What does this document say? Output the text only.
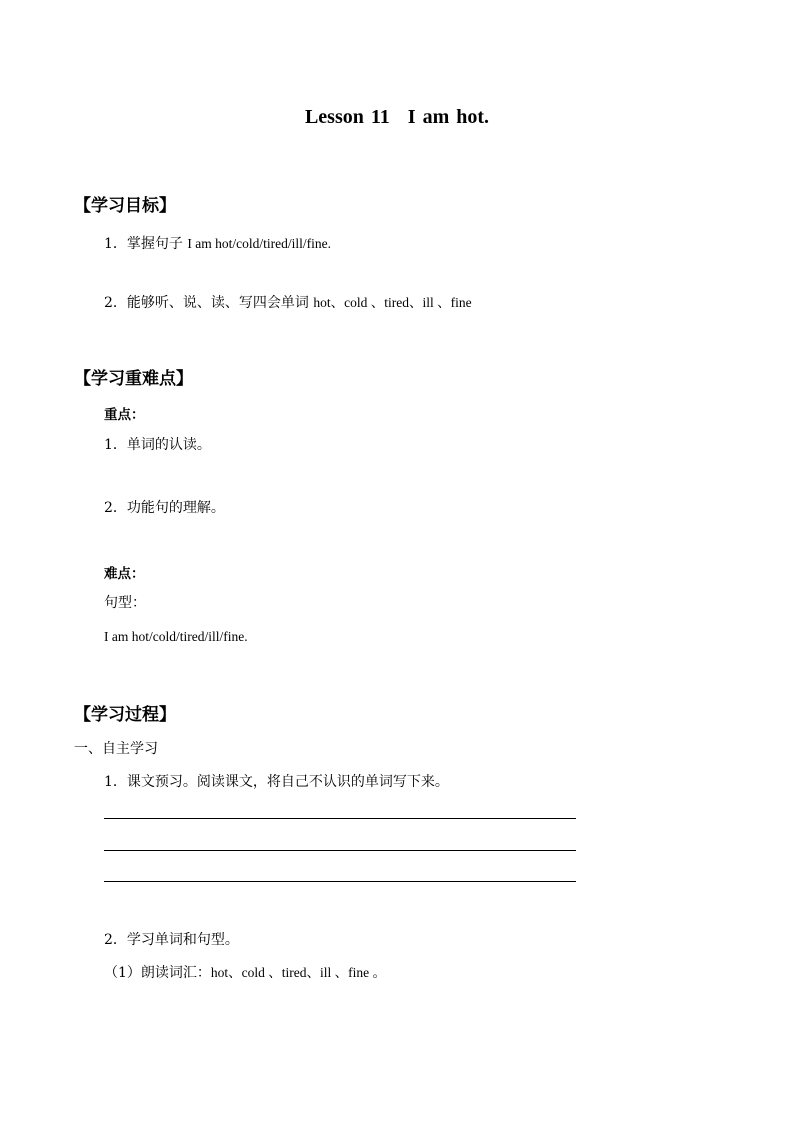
Lesson 11 I am hot.
【学习目标】
1．掌握句子 I am hot/cold/tired/ill/fine.
2．能够听、说、读、写四会单词 hot、cold 、tired、ill 、fine
【学习重难点】
重点：
1．单词的认读。
2．功能句的理解。
难点：
句型：
I am hot/cold/tired/ill/fine.
【学习过程】
一、自主学习
1．课文预习。阅读课文，将自己不认识的单词写下来。
2．学习单词和句型。
（1）朗读词汇：hot、cold 、tired、ill 、fine 。
